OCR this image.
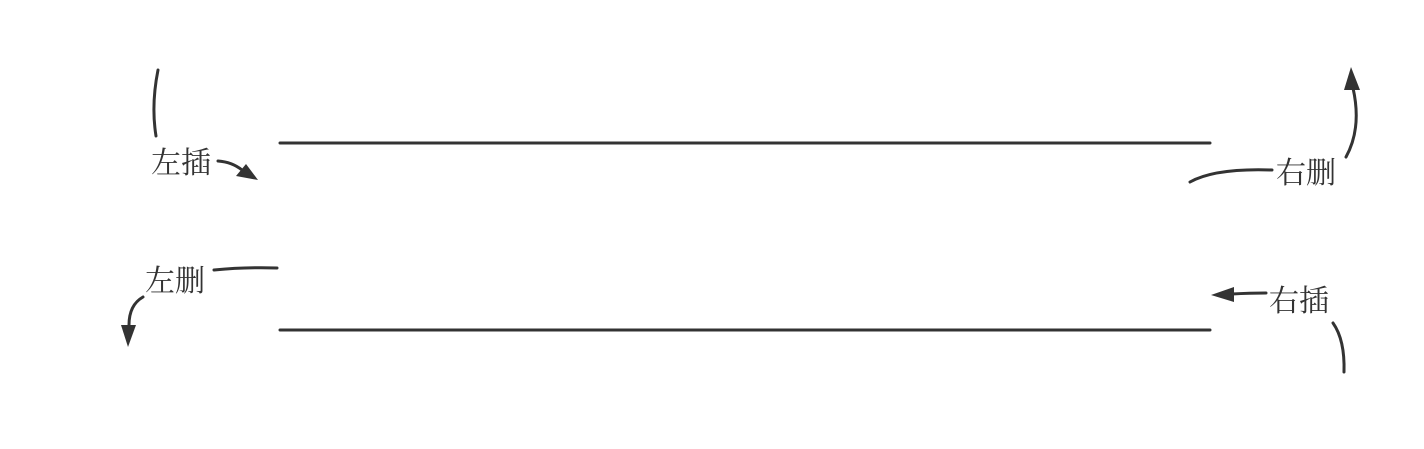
左插	右删
左删
右插
